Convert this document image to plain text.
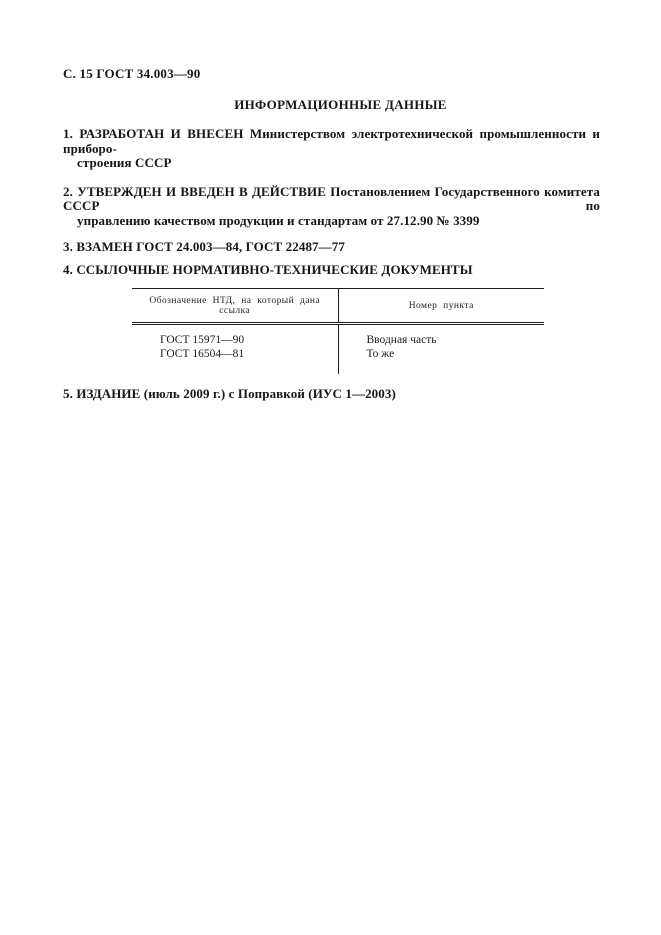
С. 15 ГОСТ 34.003—90
ИНФОРМАЦИОННЫЕ ДАННЫЕ
1. РАЗРАБОТАН И ВНЕСЕН Министерством электротехнической промышленности и приборо-
строения СССР
2. УТВЕРЖДЕН И ВВЕДЕН В ДЕЙСТВИЕ Постановлением Государственного комитета СССР по
управлению качеством продукции и стандартам от 27.12.90 № 3399
3. ВЗАМЕН ГОСТ 24.003—84, ГОСТ 22487—77
4. ССЫЛОЧНЫЕ НОРМАТИВНО-ТЕХНИЧЕСКИЕ ДОКУМЕНТЫ
Обозначение НТД, на который дана ссылка	Номер пункта
ГОСТ 15971—90	Вводная часть
ГОСТ 16504—81	То же
5. ИЗДАНИЕ (июль 2009 г.) с Поправкой (ИУС 1—2003)
